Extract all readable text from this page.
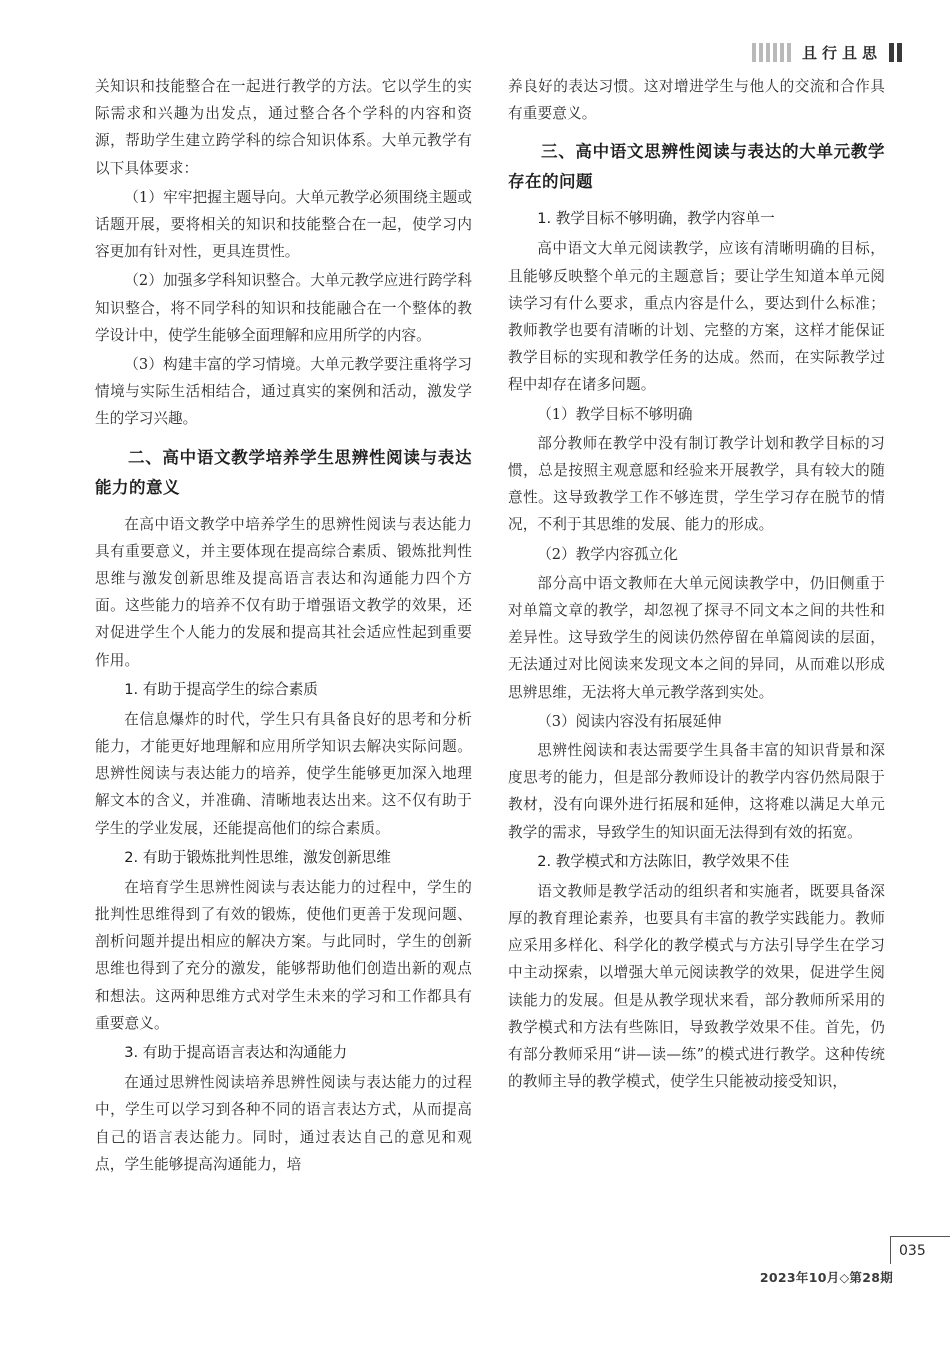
且行且思

关知识和技能整合在一起进行教学的方法。它以学生的实际需求和兴趣为出发点，通过整合各个学科的内容和资源，帮助学生建立跨学科的综合知识体系。大单元教学有以下具体要求：

（1）牢牢把握主题导向。大单元教学必须围绕主题或话题开展，要将相关的知识和技能整合在一起，使学习内容更加有针对性，更具连贯性。

（2）加强多学科知识整合。大单元教学应进行跨学科知识整合，将不同学科的知识和技能融合在一个整体的教学设计中，使学生能够全面理解和应用所学的内容。

（3）构建丰富的学习情境。大单元教学要注重将学习情境与实际生活相结合，通过真实的案例和活动，激发学生的学习兴趣。

二、高中语文教学培养学生思辨性阅读与表达能力的意义

在高中语文教学中培养学生的思辨性阅读与表达能力具有重要意义，并主要体现在提高综合素质、锻炼批判性思维与激发创新思维及提高语言表达和沟通能力四个方面。这些能力的培养不仅有助于增强语文教学的效果，还对促进学生个人能力的发展和提高其社会适应性起到重要作用。

1. 有助于提高学生的综合素质

在信息爆炸的时代，学生只有具备良好的思考和分析能力，才能更好地理解和应用所学知识去解决实际问题。思辨性阅读与表达能力的培养，使学生能够更加深入地理解文本的含义，并准确、清晰地表达出来。这不仅有助于学生的学业发展，还能提高他们的综合素质。

2. 有助于锻炼批判性思维，激发创新思维

在培育学生思辨性阅读与表达能力的过程中，学生的批判性思维得到了有效的锻炼，使他们更善于发现问题、剖析问题并提出相应的解决方案。与此同时，学生的创新思维也得到了充分的激发，能够帮助他们创造出新的观点和想法。这两种思维方式对学生未来的学习和工作都具有重要意义。

3. 有助于提高语言表达和沟通能力

在通过思辨性阅读培养思辨性阅读与表达能力的过程中，学生可以学习到各种不同的语言表达方式，从而提高自己的语言表达能力。同时，通过表达自己的意见和观点，学生能够提高沟通能力，培

养良好的表达习惯。这对增进学生与他人的交流和合作具有重要意义。

三、高中语文思辨性阅读与表达的大单元教学存在的问题
1. 教学目标不够明确，教学内容单一

高中语文大单元阅读教学，应该有清晰明确的目标，且能够反映整个单元的主题意旨；要让学生知道本单元阅读学习有什么要求，重点内容是什么，要达到什么标准；教师教学也要有清晰的计划、完整的方案，这样才能保证教学目标的实现和教学任务的达成。然而，在实际教学过程中却存在诸多问题。

（1）教学目标不够明确

部分教师在教学中没有制订教学计划和教学目标的习惯，总是按照主观意愿和经验来开展教学，具有较大的随意性。这导致教学工作不够连贯，学生学习存在脱节的情况，不利于其思维的发展、能力的形成。

（2）教学内容孤立化

部分高中语文教师在大单元阅读教学中，仍旧侧重于对单篇文章的教学，却忽视了探寻不同文本之间的共性和差异性。这导致学生的阅读仍然停留在单篇阅读的层面，无法通过对比阅读来发现文本之间的异同，从而难以形成思辨思维，无法将大单元教学落到实处。

（3）阅读内容没有拓展延伸

思辨性阅读和表达需要学生具备丰富的知识背景和深度思考的能力，但是部分教师设计的教学内容仍然局限于教材，没有向课外进行拓展和延伸，这将难以满足大单元教学的需求，导致学生的知识面无法得到有效的拓宽。

2. 教学模式和方法陈旧，教学效果不佳

语文教师是教学活动的组织者和实施者，既要具备深厚的教育理论素养，也要具有丰富的教学实践能力。教师应采用多样化、科学化的教学模式与方法引导学生在学习中主动探索，以增强大单元阅读教学的效果，促进学生阅读能力的发展。但是从教学现状来看，部分教师所采用的教学模式和方法有些陈旧，导致教学效果不佳。首先，仍有部分教师采用“讲—读—练”的模式进行教学。这种传统的教师主导的教学模式，使学生只能被动接受知识，

035
2023年10月◇第28期
